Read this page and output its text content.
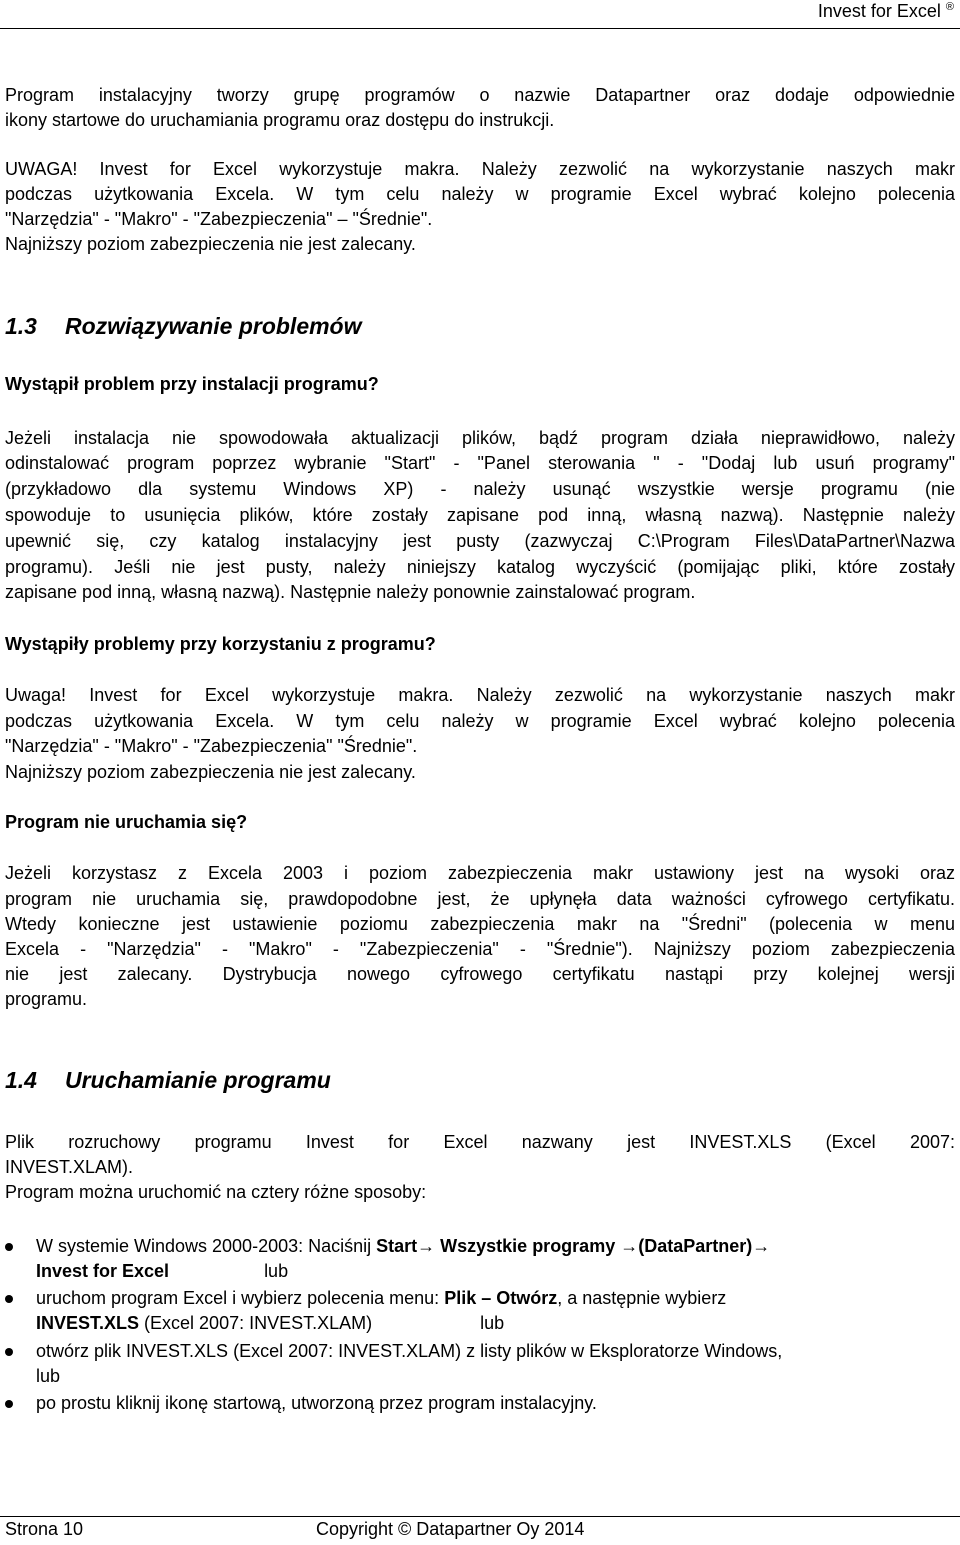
Invest for Excel ®
Program instalacyjny tworzy grupę programów o nazwie Datapartner oraz dodaje odpowiednie
ikony startowe do uruchamiania programu oraz dostępu do instrukcji.
UWAGA! Invest for Excel wykorzystuje makra. Należy zezwolić na wykorzystanie naszych makr
podczas użytkowania Excela. W tym celu należy w programie Excel wybrać kolejno polecenia
"Narzędzia" - "Makro" - "Zabezpieczenia" – "Średnie".
Najniższy poziom zabezpieczenia nie jest zalecany.
1.3 Rozwiązywanie problemów
Wystąpił problem przy instalacji programu?
Jeżeli instalacja nie spowodowała aktualizacji plików, bądź program działa nieprawidłowo, należy
odinstalować program poprzez wybranie "Start" - "Panel sterowania " - "Dodaj lub usuń programy"
(przykładowo dla systemu Windows XP) - należy usunąć wszystkie wersje programu (nie
spowoduje to usunięcia plików, które zostały zapisane pod inną, własną nazwą). Następnie należy
upewnić się, czy katalog instalacyjny jest pusty (zazwyczaj C:\Program Files\DataPartner\Nazwa
programu). Jeśli nie jest pusty, należy niniejszy katalog wyczyścić (pomijając pliki, które zostały
zapisane pod inną, własną nazwą). Następnie należy ponownie zainstalować program.
Wystąpiły problemy przy korzystaniu z programu?
Uwaga! Invest for Excel wykorzystuje makra. Należy zezwolić na wykorzystanie naszych makr
podczas użytkowania Excela. W tym celu należy w programie Excel wybrać kolejno polecenia
"Narzędzia" - "Makro" - "Zabezpieczenia" "Średnie".
Najniższy poziom zabezpieczenia nie jest zalecany.
Program nie uruchamia się?
Jeżeli korzystasz z Excela 2003 i poziom zabezpieczenia makr ustawiony jest na wysoki oraz
program nie uruchamia się, prawdopodobne jest, że upłynęła data ważności cyfrowego certyfikatu.
Wtedy konieczne jest ustawienie poziomu zabezpieczenia makr na "Średni" (polecenia w menu
Excela - "Narzędzia" - "Makro" - "Zabezpieczenia" - "Średnie"). Najniższy poziom zabezpieczenia
nie jest zalecany. Dystrybucja nowego cyfrowego certyfikatu nastąpi przy kolejnej wersji
programu.
1.4 Uruchamianie programu
Plik rozruchowy programu Invest for Excel nazwany jest INVEST.XLS (Excel 2007:
INVEST.XLAM).
Program można uruchomić na cztery różne sposoby:
W systemie Windows 2000-2003: Naciśnij Start→ Wszystkie programy →(DataPartner)→
Invest for Excel	lub
uruchom program Excel i wybierz polecenia menu: Plik – Otwórz, a następnie wybierz
INVEST.XLS (Excel 2007: INVEST.XLAM)	lub
otwórz plik INVEST.XLS (Excel 2007: INVEST.XLAM) z listy plików w Eksploratorze Windows,
lub
po prostu kliknij ikonę startową, utworzoną przez program instalacyjny.
Strona 10	Copyright © Datapartner Oy 2014
